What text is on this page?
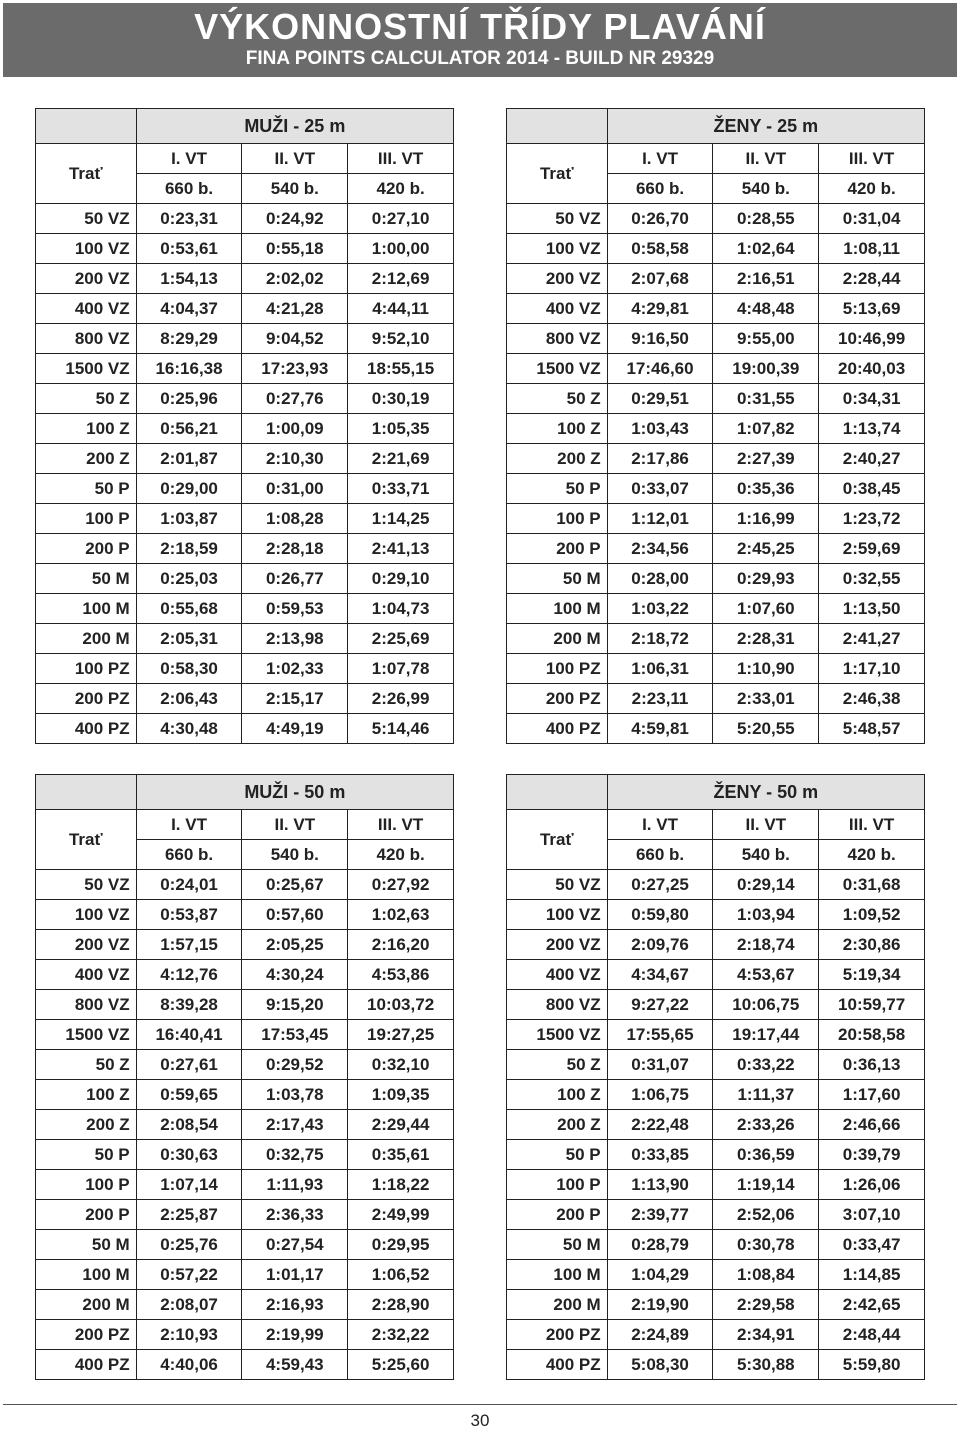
VÝKONNOSTNÍ TŘÍDY PLAVÁNÍ
FINA POINTS CALCULATOR 2014 - BUILD NR 29329
	MUŽI - 25 m		
Trať	I. VT	II. VT	III. VT
	660 b.	540 b.	420 b.
50 VZ	0:23,31	0:24,92	0:27,10
100 VZ	0:53,61	0:55,18	1:00,00
200 VZ	1:54,13	2:02,02	2:12,69
400 VZ	4:04,37	4:21,28	4:44,11
800 VZ	8:29,29	9:04,52	9:52,10
1500 VZ	16:16,38	17:23,93	18:55,15
50 Z	0:25,96	0:27,76	0:30,19
100 Z	0:56,21	1:00,09	1:05,35
200 Z	2:01,87	2:10,30	2:21,69
50 P	0:29,00	0:31,00	0:33,71
100 P	1:03,87	1:08,28	1:14,25
200 P	2:18,59	2:28,18	2:41,13
50 M	0:25,03	0:26,77	0:29,10
100 M	0:55,68	0:59,53	1:04,73
200 M	2:05,31	2:13,98	2:25,69
100 PZ	0:58,30	1:02,33	1:07,78
200 PZ	2:06,43	2:15,17	2:26,99
400 PZ	4:30,48	4:49,19	5:14,46
	ŽENY - 25 m		
Trať	I. VT	II. VT	III. VT
	660 b.	540 b.	420 b.
50 VZ	0:26,70	0:28,55	0:31,04
100 VZ	0:58,58	1:02,64	1:08,11
200 VZ	2:07,68	2:16,51	2:28,44
400 VZ	4:29,81	4:48,48	5:13,69
800 VZ	9:16,50	9:55,00	10:46,99
1500 VZ	17:46,60	19:00,39	20:40,03
50 Z	0:29,51	0:31,55	0:34,31
100 Z	1:03,43	1:07,82	1:13,74
200 Z	2:17,86	2:27,39	2:40,27
50 P	0:33,07	0:35,36	0:38,45
100 P	1:12,01	1:16,99	1:23,72
200 P	2:34,56	2:45,25	2:59,69
50 M	0:28,00	0:29,93	0:32,55
100 M	1:03,22	1:07,60	1:13,50
200 M	2:18,72	2:28,31	2:41,27
100 PZ	1:06,31	1:10,90	1:17,10
200 PZ	2:23,11	2:33,01	2:46,38
400 PZ	4:59,81	5:20,55	5:48,57
	MUŽI - 50 m		
Trať	I. VT	II. VT	III. VT
	660 b.	540 b.	420 b.
50 VZ	0:24,01	0:25,67	0:27,92
100 VZ	0:53,87	0:57,60	1:02,63
200 VZ	1:57,15	2:05,25	2:16,20
400 VZ	4:12,76	4:30,24	4:53,86
800 VZ	8:39,28	9:15,20	10:03,72
1500 VZ	16:40,41	17:53,45	19:27,25
50 Z	0:27,61	0:29,52	0:32,10
100 Z	0:59,65	1:03,78	1:09,35
200 Z	2:08,54	2:17,43	2:29,44
50 P	0:30,63	0:32,75	0:35,61
100 P	1:07,14	1:11,93	1:18,22
200 P	2:25,87	2:36,33	2:49,99
50 M	0:25,76	0:27,54	0:29,95
100 M	0:57,22	1:01,17	1:06,52
200 M	2:08,07	2:16,93	2:28,90
200 PZ	2:10,93	2:19,99	2:32,22
400 PZ	4:40,06	4:59,43	5:25,60
	ŽENY - 50 m		
Trať	I. VT	II. VT	III. VT
	660 b.	540 b.	420 b.
50 VZ	0:27,25	0:29,14	0:31,68
100 VZ	0:59,80	1:03,94	1:09,52
200 VZ	2:09,76	2:18,74	2:30,86
400 VZ	4:34,67	4:53,67	5:19,34
800 VZ	9:27,22	10:06,75	10:59,77
1500 VZ	17:55,65	19:17,44	20:58,58
50 Z	0:31,07	0:33,22	0:36,13
100 Z	1:06,75	1:11,37	1:17,60
200 Z	2:22,48	2:33,26	2:46,66
50 P	0:33,85	0:36,59	0:39,79
100 P	1:13,90	1:19,14	1:26,06
200 P	2:39,77	2:52,06	3:07,10
50 M	0:28,79	0:30,78	0:33,47
100 M	1:04,29	1:08,84	1:14,85
200 M	2:19,90	2:29,58	2:42,65
200 PZ	2:24,89	2:34,91	2:48,44
400 PZ	5:08,30	5:30,88	5:59,80
30
